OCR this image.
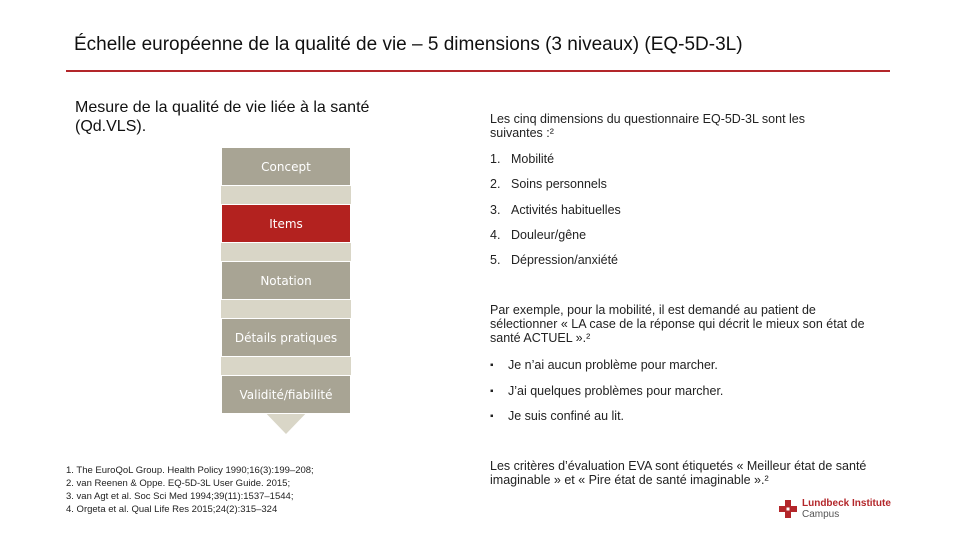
Échelle européenne de la qualité de vie – 5 dimensions (3 niveaux) (EQ-5D-3L)
Mesure de la qualité de vie liée à la santé (Qd.VLS).
Concept
Items
Notation
Détails pratiques
Validité/fiabilité
1. The EuroQoL Group. Health Policy 1990;16(3):199–208;
2. van Reenen & Oppe. EQ-5D-3L User Guide. 2015;
3. van Agt et al. Soc Sci Med 1994;39(11):1537–1544;
4. Orgeta et al. Qual Life Res 2015;24(2):315–324
Les cinq dimensions du questionnaire EQ-5D-3L sont les suivantes :²
1. Mobilité
2. Soins personnels
3. Activités habituelles
4. Douleur/gêne
5. Dépression/anxiété
Par exemple, pour la mobilité, il est demandé au patient de sélectionner « LA case de la réponse qui décrit le mieux son état de santé ACTUEL ».²
▪	Je n’ai aucun problème pour marcher.
▪	J’ai quelques problèmes pour marcher.
▪	Je suis confiné au lit.
Les critères d’évaluation EVA sont étiquetés « Meilleur état de santé imaginable » et « Pire état de santé imaginable ».²
Lundbeck Institute
Campus
